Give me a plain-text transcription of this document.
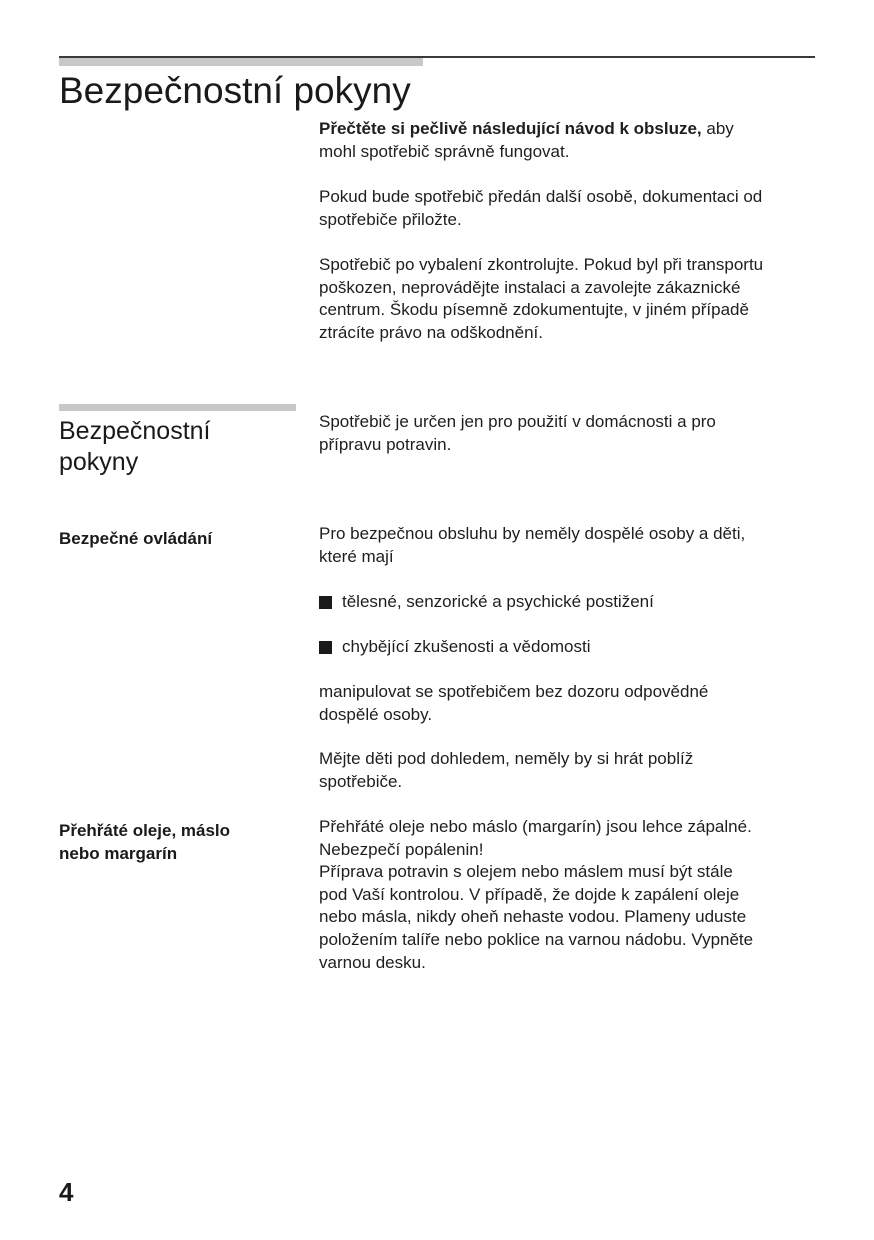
Bezpečnostní pokyny

Přečtěte si pečlivě následující návod k obsluze, aby
mohl spotřebič správně fungovat.

Pokud bude spotřebič předán další osobě, dokumentaci od
spotřebiče přiložte.

Spotřebič po vybalení zkontrolujte. Pokud byl při transportu
poškozen, neprovádějte instalaci a zavolejte zákaznické
centrum. Škodu písemně zdokumentujte, v jiném případě
ztrácíte právo na odškodnění.

Bezpečnostní
pokyny

Spotřebič je určen jen pro použití v domácnosti a pro
přípravu potravin.

Bezpečné ovládání	Pro bezpečnou obsluhu by neměly dospělé osoby a děti,
které mají

tělesné, senzorické a psychické postižení
chybějící zkušenosti a vědomosti

manipulovat se spotřebičem bez dozoru odpovědné
dospělé osoby.

Mějte děti pod dohledem, neměly by si hrát poblíž
spotřebiče.

Přehřáté oleje, máslo
nebo margarín

Přehřáté oleje nebo máslo (margarín) jsou lehce zápalné.
Nebezpečí popálenin!
Příprava potravin s olejem nebo máslem musí být stále
pod Vaší kontrolou. V případě, že dojde k zapálení oleje
nebo másla, nikdy oheň nehaste vodou. Plameny uduste
položením talíře nebo poklice na varnou nádobu. Vypněte
varnou desku.

4
